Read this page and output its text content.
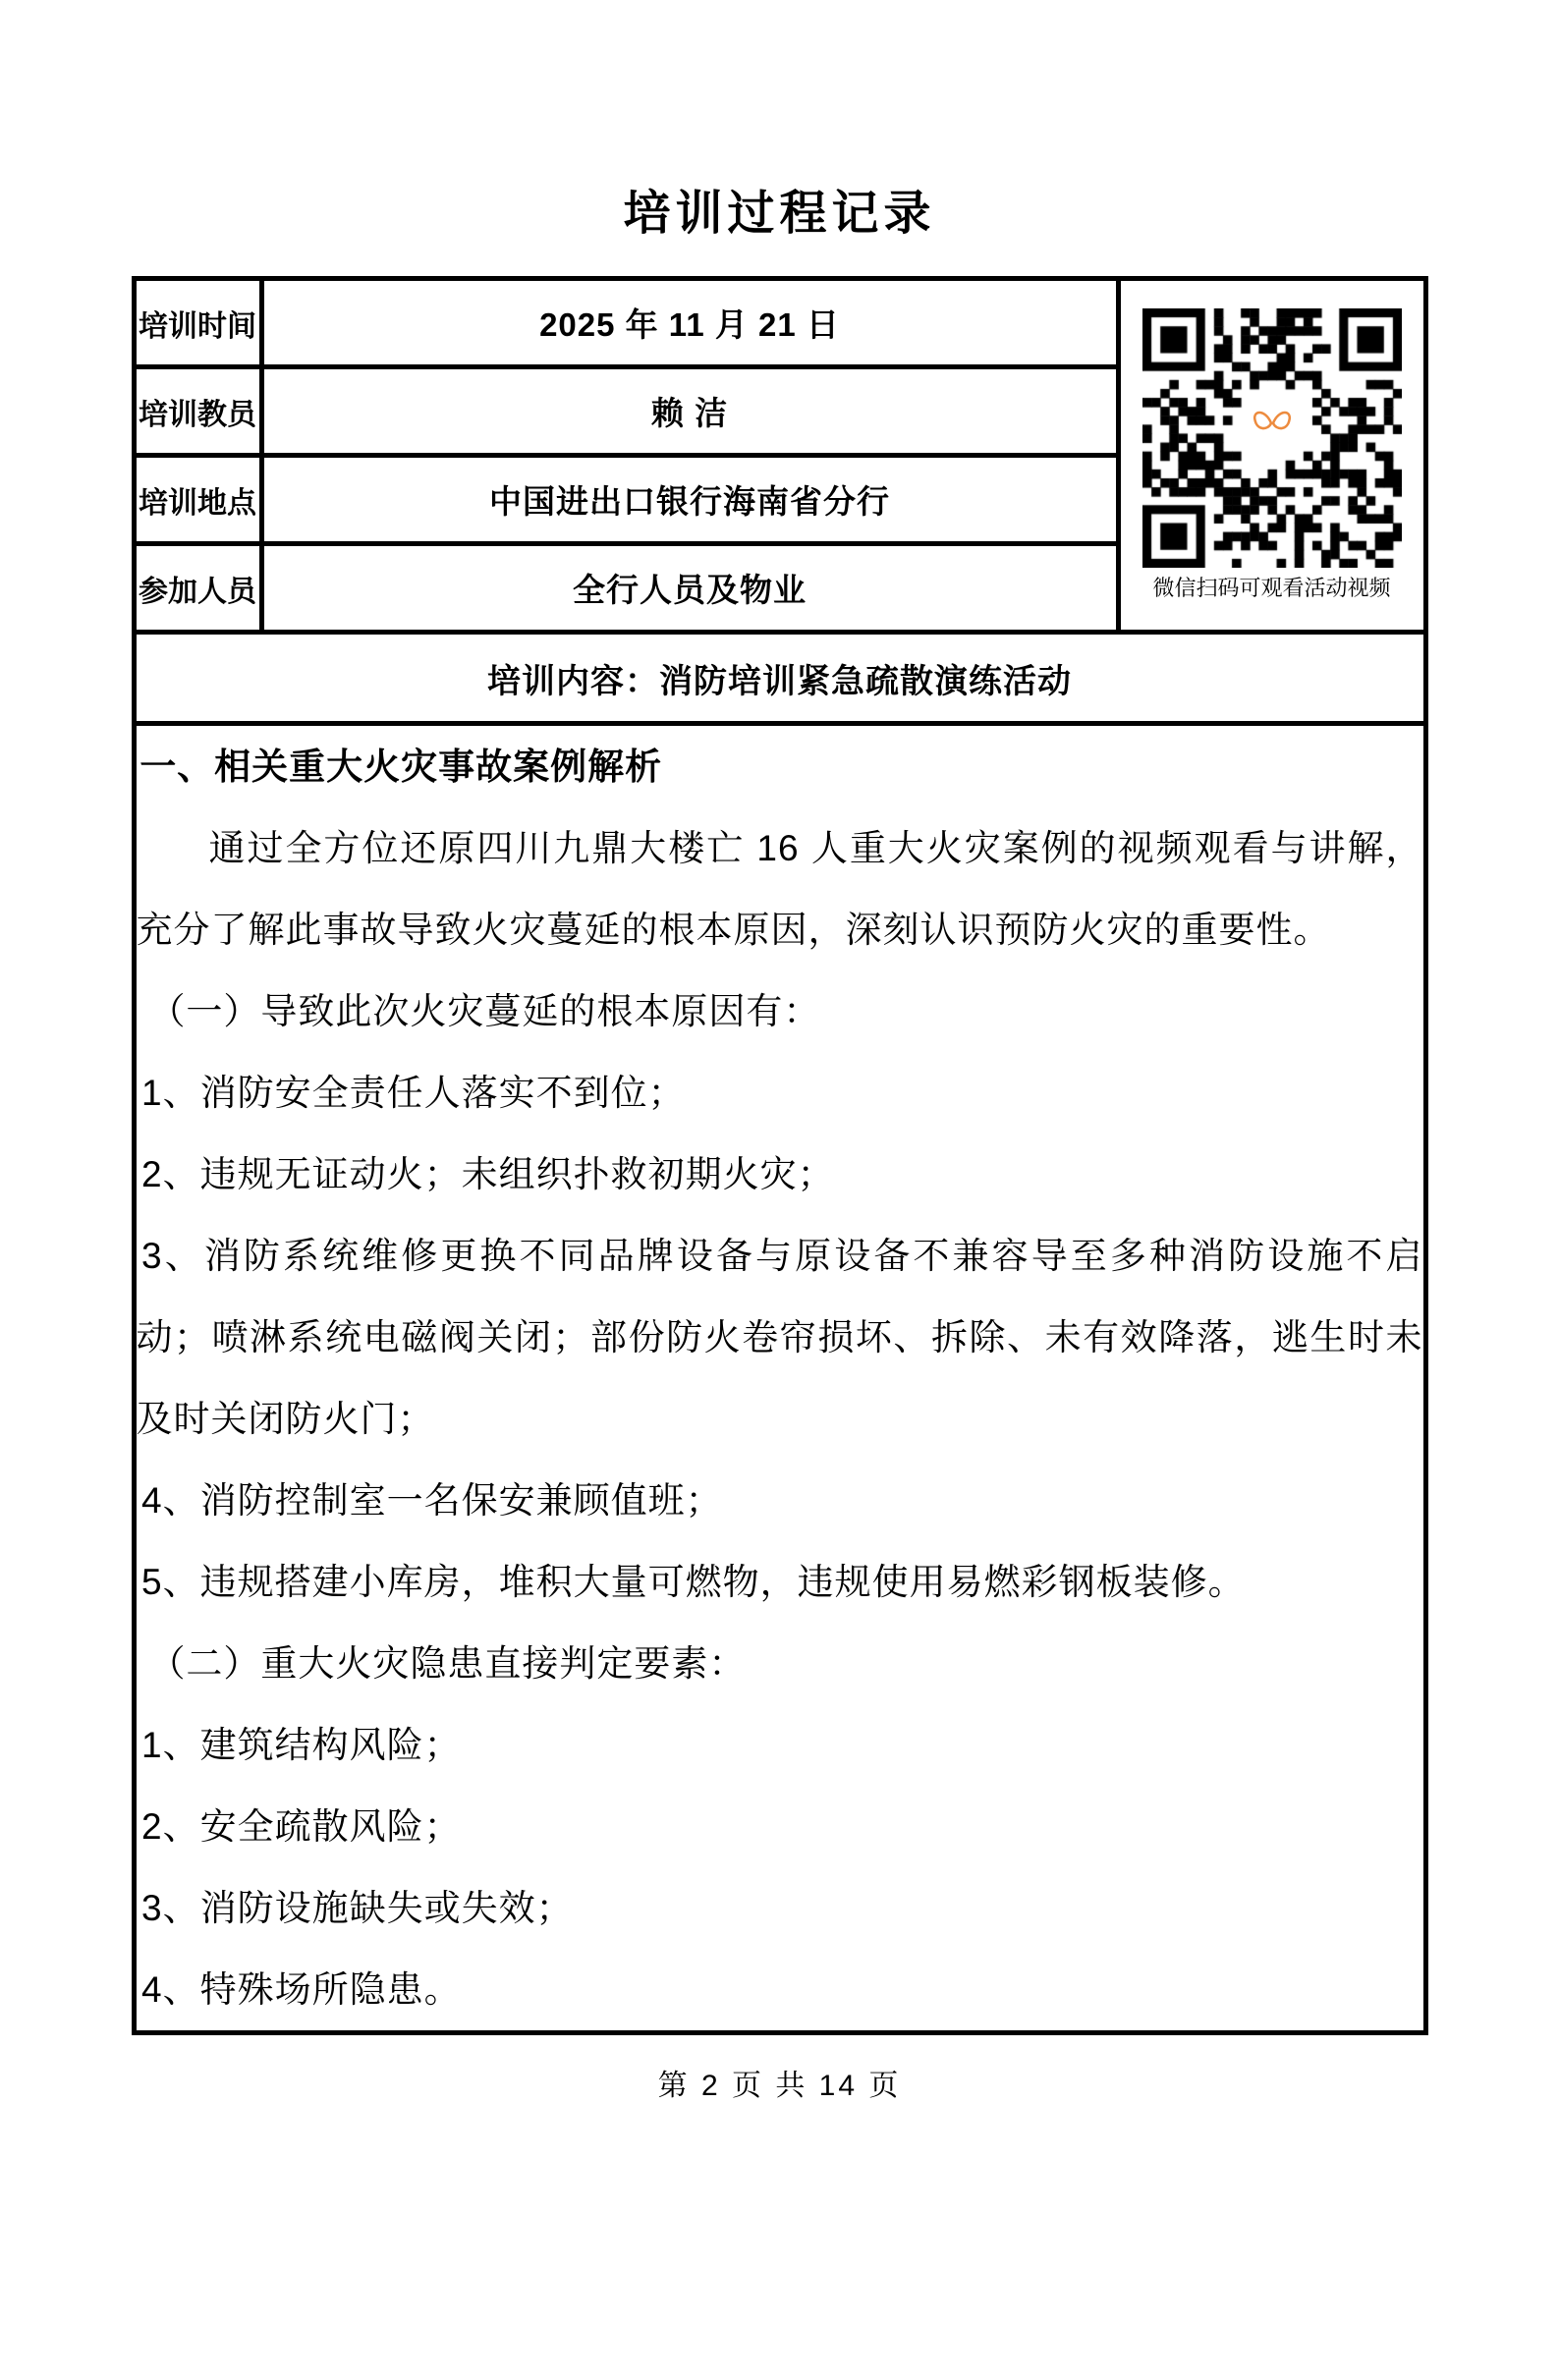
培训过程记录
培训时间	2025 年 11 月 21 日	微信扫码可观看活动视频

培训教员	赖 洁	
培训地点	中国进出口银行海南省分行	
参加人员	全行人员及物业	
培训内容：消防培训紧急疏散演练活动		

一、相关重大火灾事故案例解析

通过全方位还原四川九鼎大楼亡 16 人重大火灾案例的视频观看与讲解，充分了解此事故导致火灾蔓延的根本原因，深刻认识预防火灾的重要性。

（一）导致此次火灾蔓延的根本原因有：

1、消防安全责任人落实不到位；

2、违规无证动火；未组织扑救初期火灾；

3、消防系统维修更换不同品牌设备与原设备不兼容导至多种消防设施不启动；喷淋系统电磁阀关闭；部份防火卷帘损坏、拆除、未有效降落，逃生时未及时关闭防火门；

4、消防控制室一名保安兼顾值班；

5、违规搭建小库房，堆积大量可燃物，违规使用易燃彩钢板装修。

（二）重大火灾隐患直接判定要素：

1、建筑结构风险；

2、安全疏散风险；

3、消防设施缺失或失效；

4、特殊场所隐患。

第 2 页 共 14 页
